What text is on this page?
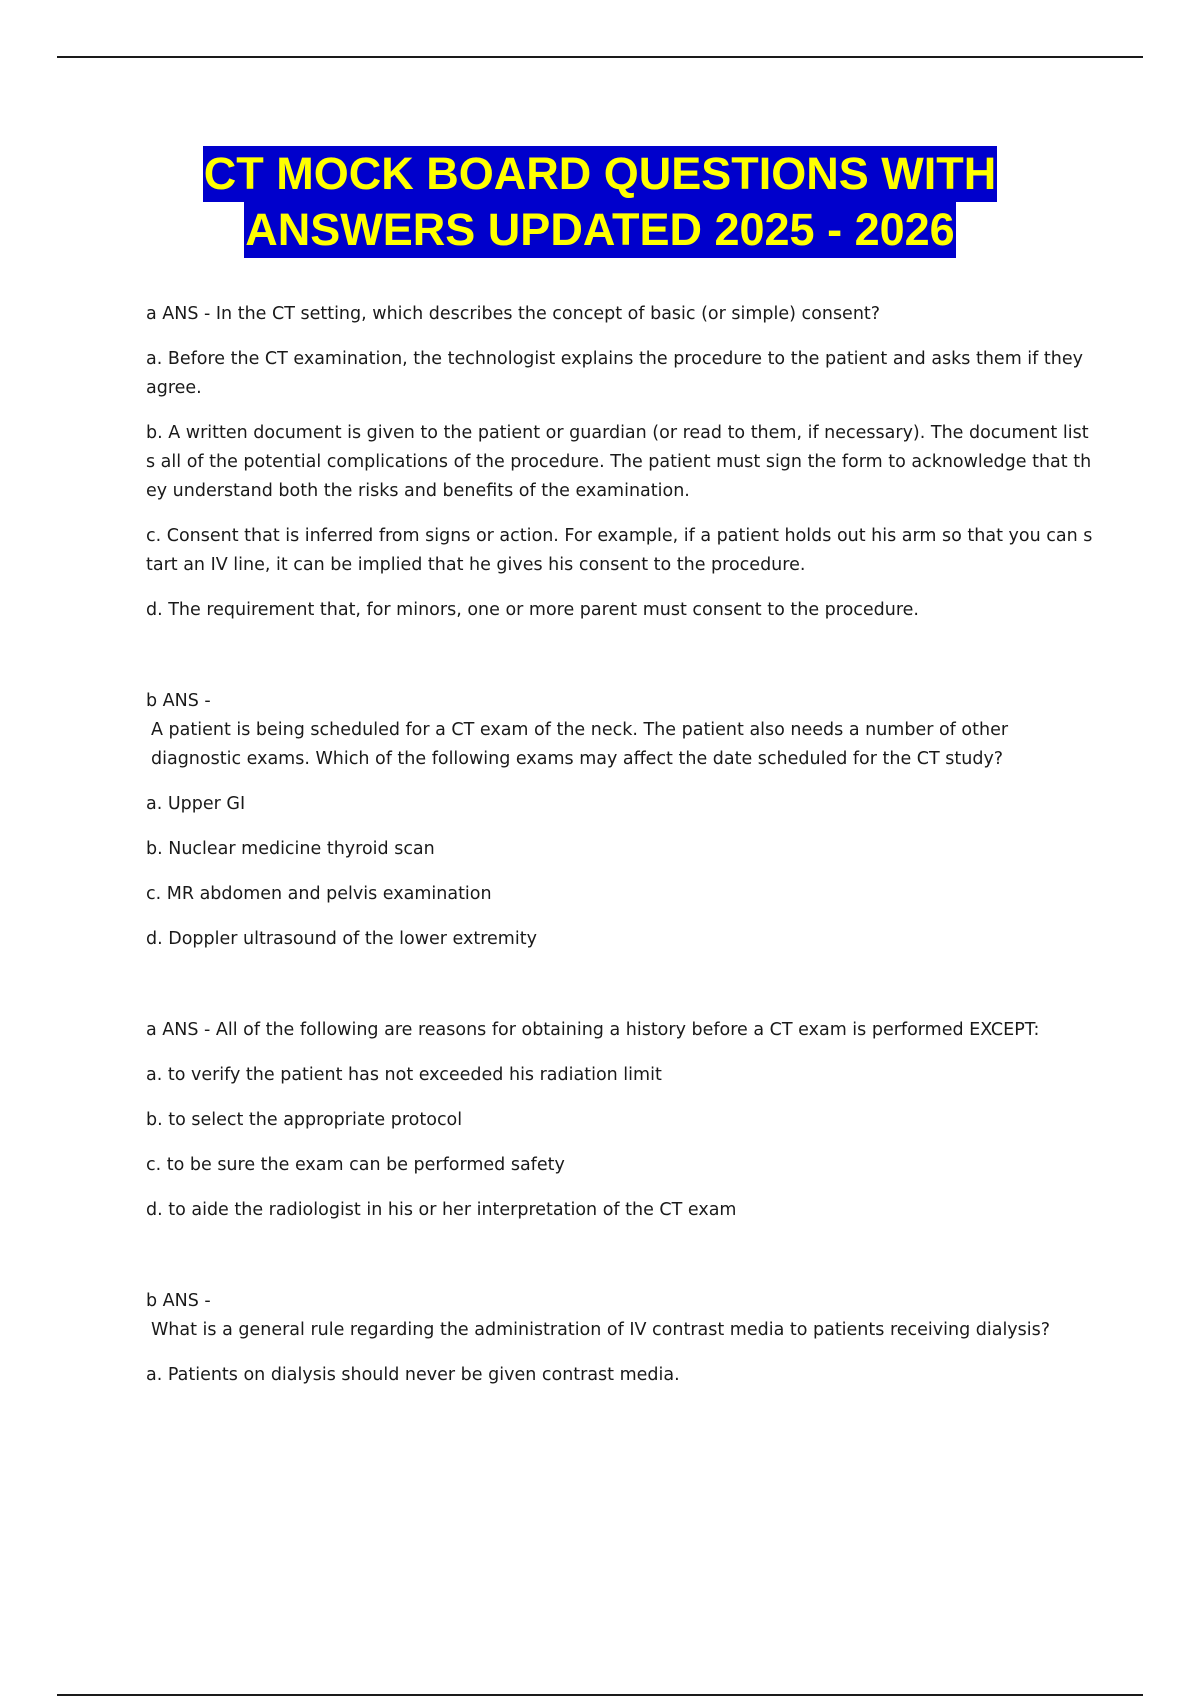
CT MOCK BOARD QUESTIONS WITH
ANSWERS UPDATED 2025 - 2026

a ANS - In the CT setting, which describes the concept of basic (or simple) consent?

a. Before the CT examination, the technologist explains the procedure to the patient and asks them if they agree.

b. A written document is given to the patient or guardian (or read to them, if necessary). The document lists all of the potential complications of the procedure. The patient must sign the form to acknowledge that they understand both the risks and benefits of the examination.

c. Consent that is inferred from signs or action. For example, if a patient holds out his arm so that you can start an IV line, it can be implied that he gives his consent to the procedure.

d. The requirement that, for minors, one or more parent must consent to the procedure.

b ANS -

A patient is being scheduled for a CT exam of the neck. The patient also needs a number of other diagnostic exams. Which of the following exams may affect the date scheduled for the CT study?

a. Upper GI

b. Nuclear medicine thyroid scan

c. MR abdomen and pelvis examination

d. Doppler ultrasound of the lower extremity

a ANS - All of the following are reasons for obtaining a history before a CT exam is performed EXCEPT:

a. to verify the patient has not exceeded his radiation limit

b. to select the appropriate protocol

c. to be sure the exam can be performed safety

d. to aide the radiologist in his or her interpretation of the CT exam

b ANS -

What is a general rule regarding the administration of IV contrast media to patients receiving dialysis?

a. Patients on dialysis should never be given contrast media.
